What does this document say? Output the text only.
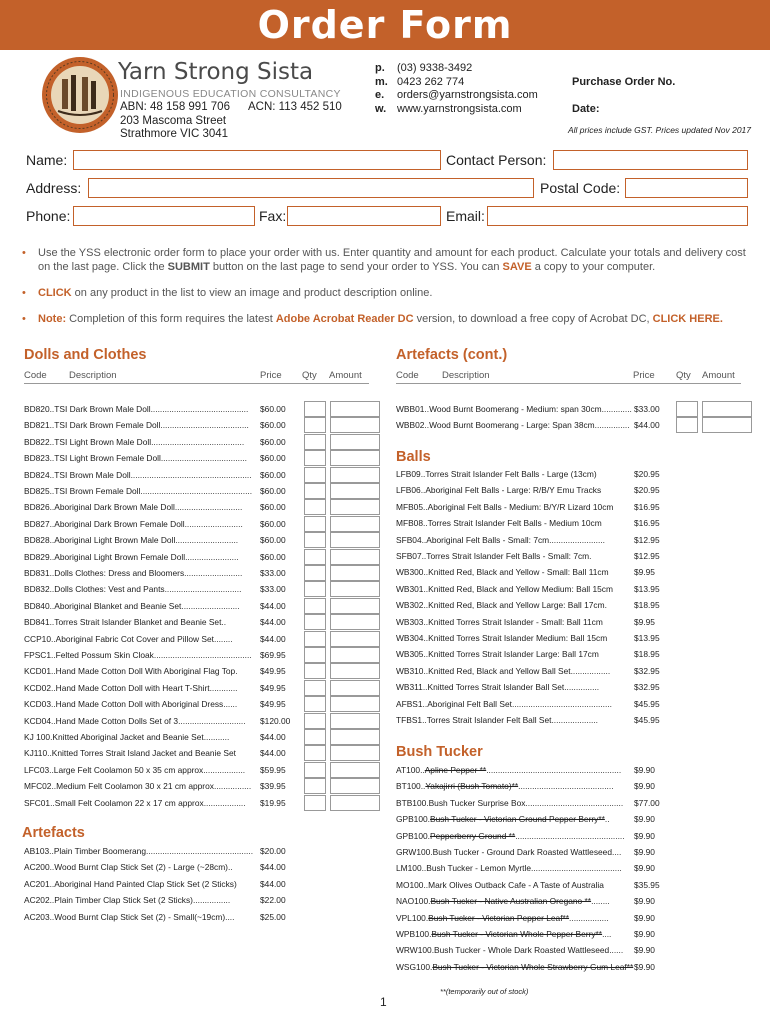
Order Form
Yarn Strong Sista
INDIGENOUS EDUCATION CONSULTANCY
ABN: 48 158 991 706 ACN: 113 452 510
203 Mascoma Street
Strathmore VIC 3041
p.	(03) 9338-3492
m. 0423 262 774
e.	orders@yarnstrongsista.com
w. www.yarnstrongsista.com
Purchase Order No.
Date:
All prices include GST. Prices updated Nov 2017
Name:	Contact Person:
Address:	Postal Code:
Phone:	Fax:	Email:
• Use the YSS electronic order form to place your order with us. Enter quantity and amount for each product. Calculate your totals and delivery cost on the last page. Click the SUBMIT button on the last page to send your order to YSS. You can SAVE a copy to your computer.
• CLICK on any product in the list to view an image and product description online.
• Note: Completion of this form requires the latest Adobe Acrobat Reader DC version, to download a free copy of Acrobat DC, CLICK HERE.
Dolls and Clothes	Artefacts (cont.)
Code Description	Price Qty Amount	Code Description	Price Qty Amount
Artefacts
Balls
Bush Tucker
BD820..TSI Dark Brown Male Doll.......................................... $60.00
BD821..TSI Dark Brown Female Doll...................................... $60.00
BD822..TSI Light Brown Male Doll........................................ $60.00
BD823..TSI Light Brown Female Doll..................................... $60.00
BD824..TSI Brown Male Doll.................................................... $60.00
BD825..TSI Brown Female Doll................................................ $60.00
BD826..Aboriginal Dark Brown Male Doll............................. $60.00
BD827..Aboriginal Dark Brown Female Doll......................... $60.00
BD828..Aboriginal Light Brown Male Doll...........................	$60.00
BD829..Aboriginal Light Brown Female Doll.......................	$60.00
BD831..Dolls Clothes: Dress and Bloomers......................... $33.00
BD832..Dolls Clothes: Vest and Pants................................. $33.00
BD840..Aboriginal Blanket and Beanie Set......................... $44.00
BD841..Torres Strait Islander Blanket and Beanie Set..	$44.00
CCP10..Aboriginal Fabric Cot Cover and Pillow Set........	$44.00
FPSC1..Felted Possum Skin Cloak.......................................... $69.95
KCD01..Hand Made Cotton Doll With Aboriginal Flag Top.	$49.95
KCD02..Hand Made Cotton Doll with Heart T-Shirt............	$49.95
KCD03..Hand Made Cotton Doll with Aboriginal Dress......	$49.95
KCD04..Hand Made Cotton Dolls Set of 3............................. $120.00
KJ 100.Knitted Aboriginal Jacket and Beanie Set...........	$44.00
KJ110..Knitted Torres Strait Island Jacket and Beanie Set	$44.00
LFC03..Large Felt Coolamon 50 x 35 cm approx.................. $59.95
MFC02..Medium Felt Coolamon 30 x 21 cm approx................ $39.95
SFC01..Small Felt Coolamon 22 x 17 cm approx.................. $19.95
AB103..Plain Timber Boomerang.............................................. $20.00
AC200..Wood Burnt Clap Stick Set (2) - Large (~28cm)..	$44.00
AC201..Aboriginal Hand Painted Clap Stick Set (2 Sticks)	$44.00
AC202..Plain Timber Clap Stick Set (2 Sticks)................	$22.00
AC203..Wood Burnt Clap Stick Set (2) - Small(~19cm)....	$25.00
WBB01..Wood Burnt Boomerang - Medium: span 30cm............. $33.00
WBB02..Wood Burnt Boomerang - Large: Span 38cm............... $44.00
LFB09..Torres Strait Islander Felt Balls - Large (13cm)	$20.95
LFB06..Aboriginal Felt Balls - Large: R/B/Y Emu Tracks	$20.95
MFB05..Aboriginal Felt Balls - Medium: B/Y/R Lizard 10cm $16.95
MFB08..Torres Strait Islander Felt Balls - Medium 10cm	$16.95
SFB04..Aboriginal Felt Balls - Small: 7cm........................	$12.95
SFB07..Torres Strait Islander Felt Balls - Small: 7cm.	$12.95
WB300..Knitted Red, Black and Yellow - Small: Ball 11cm	$9.95
WB301..Knitted Red, Black and Yellow Medium: Ball 15cm	$13.95
WB302..Knitted Red, Black and Yellow Large: Ball 17cm.	$18.95
WB303..Knitted Torres Strait Islander - Small: Ball 11cm	$9.95
WB304..Knitted Torres Strait Islander Medium: Ball 15cm	$13.95
WB305..Knitted Torres Strait Islander Large: Ball 17cm	$18.95
WB310..Knitted Red, Black and Yellow Ball Set.................	$32.95
WB311..Knitted Torres Strait Islander Ball Set...............	$32.95
AFBS1..Aboriginal Felt Ball Set...........................................	$45.95
TFBS1..Torres Strait Islander Felt Ball Set....................	$45.95
AT100..Apline Pepper **.......................................................... $9.90
BT100..Yakajirri (Bush Tomato)**......................................... $9.90
BTB100.Bush Tucker Surprise Box.......................................... $77.00
GPB100.Bush Tucker - Victorian Ground Pepper Berry**..	$9.90
GPB100.Pepperberry Ground **............................................... $9.90
GRW100.Bush Tucker - Ground Dark Roasted Wattleseed.... $9.90
LM100..Bush Tucker - Lemon Myrtle....................................... $9.90
MO100..Mark Olives Outback Cafe - A Taste of Australia	$35.95
NAO100.Bush Tucker - Native Australian Oregano **........	$9.90
VPL100.Bush Tucker - Victorian Pepper Leaf**.................	$9.90
WPB100.Bush Tucker - Victorian Whole Pepper Berry**....	$9.90
WRW100.Bush Tucker - Whole Dark Roasted Wattleseed...... $9.90
WSG100.Bush Tucker - Victorian Whole Strawberry Gum Leaf** $9.90
**(temporarily out of stock)
1
